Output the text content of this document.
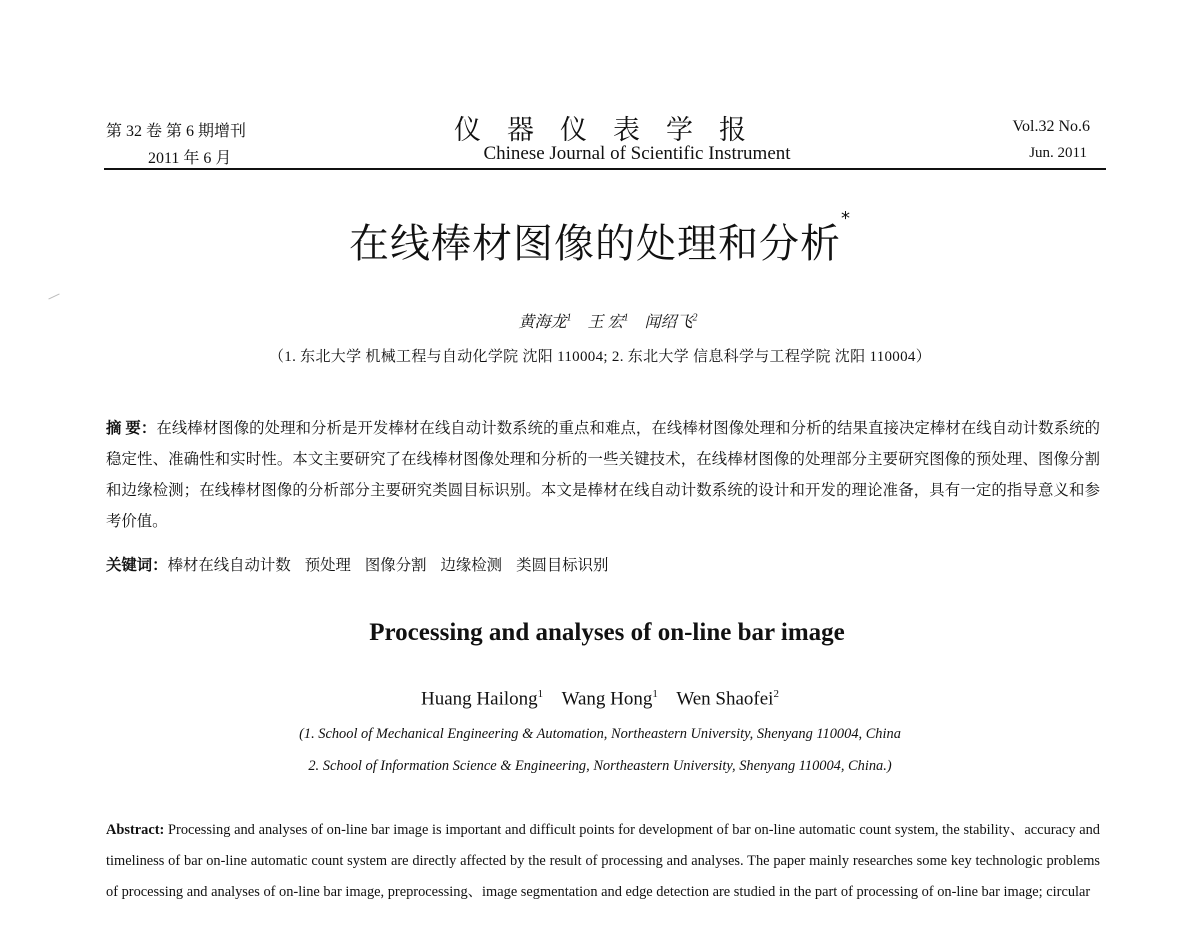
第 32 卷 第 6 期增刊
2011 年 6 月
仪器仪表学报
Chinese Journal of Scientific Instrument
Vol.32 No.6
Jun. 2011
在线棒材图像的处理和分析*
黄海龙$^1$ 王 宏$^1$ 闻绍飞$^2$
（1. 东北大学 机械工程与自动化学院 沈阳 110004; 2. 东北大学 信息科学与工程学院 沈阳 110004）
摘 要：在线棒材图像的处理和分析是开发棒材在线自动计数系统的重点和难点，在线棒材图像处理和分析的结果直接决定棒材在线自动计数系统的稳定性、准确性和实时性。本文主要研究了在线棒材图像处理和分析的一些关键技术，在线棒材图像的处理部分主要研究图像的预处理、图像分割和边缘检测；在线棒材图像的分析部分主要研究类圆目标识别。本文是棒材在线自动计数系统的设计和开发的理论准备，具有一定的指导意义和参考价值。
关键词：棒材在线自动计数 预处理 图像分割 边缘检测 类圆目标识别
Processing and analyses of on-line bar image
Huang Hailong$^1$ Wang Hong$^1$ Wen Shaofei$^2$
(1. School of Mechanical Engineering & Automation, Northeastern University, Shenyang 110004, China
2. School of Information Science & Engineering, Northeastern University, Shenyang 110004, China.)
Abstract: Processing and analyses of on-line bar image is important and difficult points for development of bar on-line automatic count system, the stability、accuracy and timeliness of bar on-line automatic count system are directly affected by the result of processing and analyses. The paper mainly researches some key technologic problems of processing and analyses of on-line bar image, preprocessing、image segmentation and edge detection are studied in the part of processing of on-line bar image; circular
